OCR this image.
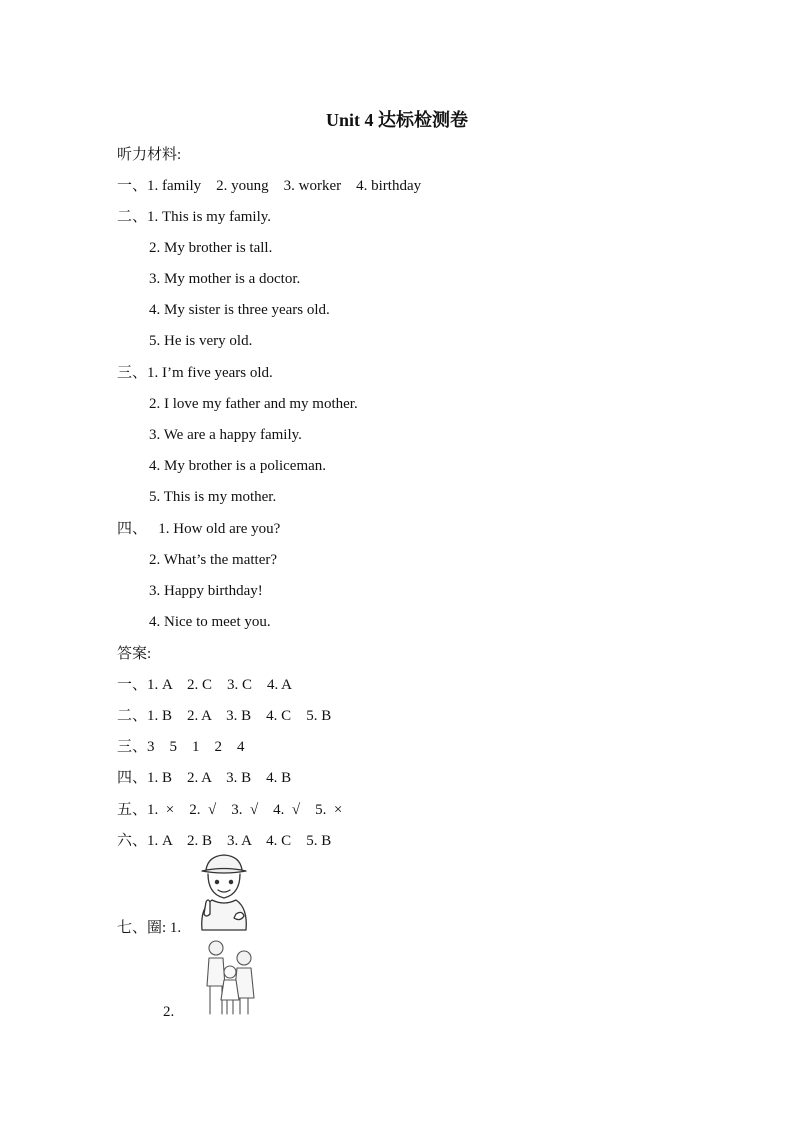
Unit 4 达标检测卷
听力材料:
一、1. family    2. young    3. worker    4. birthday
二、1. This is my family.
2. My brother is tall.
3. My mother is a doctor.
4. My sister is three years old.
5. He is very old.
三、1. I’m five years old.
2. I love my father and my mother.
3. We are a happy family.
4. My brother is a policeman.
5. This is my mother.
四、   1. How old are you?
2. What’s the matter?
3. Happy birthday!
4. Nice to meet you.
答案:
一、1. A    2. C    3. C    4. A
二、1. B    2. A    3. B    4. C    5. B
三、3    5    1    2    4
四、1. B    2. A    3. B    4. B
五、1.  ×    2.  √    3.  √    4.  √    5.  ×
六、1. A    2. B    3. A    4. C    5. B
七、圈: 1.
2.
